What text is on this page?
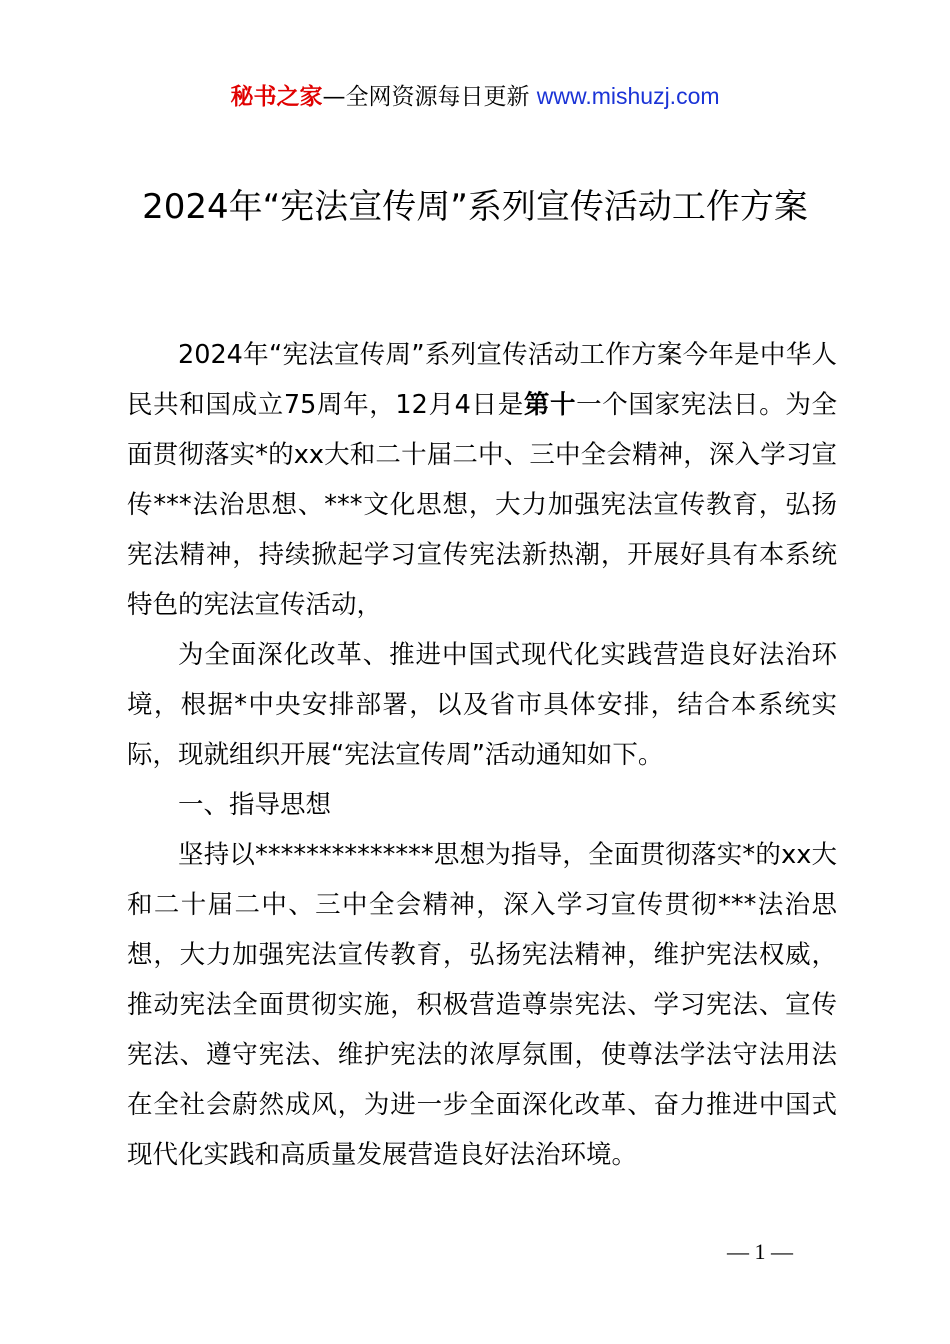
秘书之家—全网资源每日更新 www.mishuzj.com
2024年“宪法宣传周”系列宣传活动工作方案

2024年“宪法宣传周”系列宣传活动工作方案今年是中华人民共和国成立75周年，12月4日是第十一个国家宪法日。为全面贯彻落实*的xx大和二十届二中、三中全会精神，深入学习宣传***法治思想、***文化思想，大力加强宪法宣传教育，弘扬宪法精神，持续掀起学习宣传宪法新热潮，开展好具有本系统特色的宪法宣传活动，

为全面深化改革、推进中国式现代化实践营造良好法治环境，根据*中央安排部署，以及省市具体安排，结合本系统实际，现就组织开展“宪法宣传周”活动通知如下。

一、指导思想

坚持以**************思想为指导，全面贯彻落实*的xx大和二十届二中、三中全会精神，深入学习宣传贯彻***法治思想，大力加强宪法宣传教育，弘扬宪法精神，维护宪法权威，推动宪法全面贯彻实施，积极营造尊崇宪法、学习宪法、宣传宪法、遵守宪法、维护宪法的浓厚氛围，使尊法学法守法用法在全社会蔚然成风，为进一步全面深化改革、奋力推进中国式现代化实践和高质量发展营造良好法治环境。

— 1 —
